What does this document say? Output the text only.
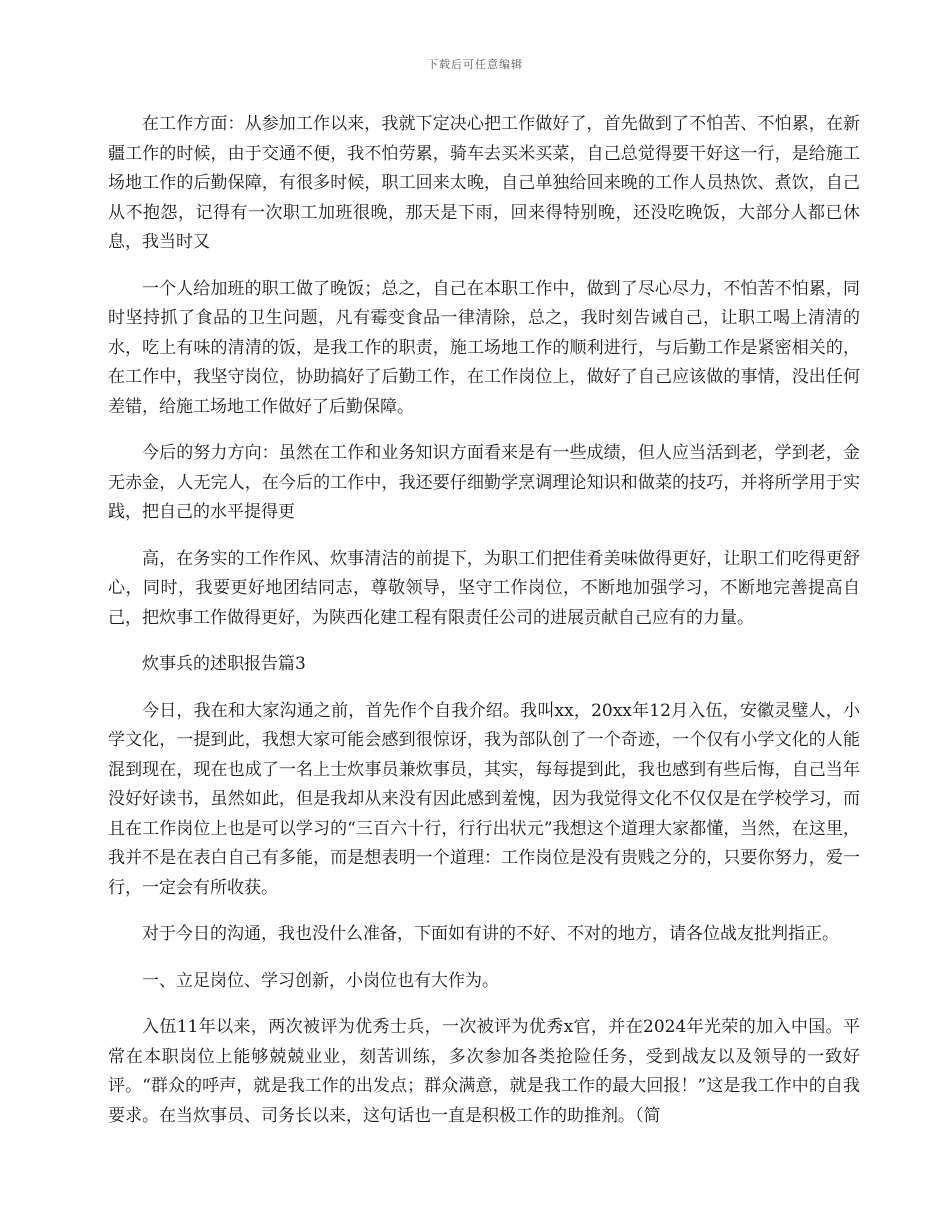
下载后可任意编辑

在工作方面：从参加工作以来，我就下定决心把工作做好了，首先做到了不怕苦、不怕累，在新疆工作的时候，由于交通不便，我不怕劳累，骑车去买米买菜，自己总觉得要干好这一行，是给施工场地工作的后勤保障，有很多时候，职工回来太晚，自己单独给回来晚的工作人员热饮、煮饮，自己从不抱怨，记得有一次职工加班很晚，那天是下雨，回来得特别晚，还没吃晚饭，大部分人都已休息，我当时又

一个人给加班的职工做了晚饭；总之，自己在本职工作中，做到了尽心尽力，不怕苦不怕累，同时坚持抓了食品的卫生问题，凡有霉变食品一律清除，总之，我时刻告诫自己，让职工喝上清清的水，吃上有味的清清的饭，是我工作的职责，施工场地工作的顺利进行，与后勤工作是紧密相关的，在工作中，我坚守岗位，协助搞好了后勤工作，在工作岗位上，做好了自己应该做的事情，没出任何差错，给施工场地工作做好了后勤保障。

今后的努力方向：虽然在工作和业务知识方面看来是有一些成绩，但人应当活到老，学到老，金无赤金，人无完人，在今后的工作中，我还要仔细勤学烹调理论知识和做菜的技巧，并将所学用于实践，把自己的水平提得更

高，在务实的工作作风、炊事清洁的前提下，为职工们把佳肴美味做得更好，让职工们吃得更舒心，同时，我要更好地团结同志，尊敬领导，坚守工作岗位，不断地加强学习，不断地完善提高自己，把炊事工作做得更好，为陕西化建工程有限责任公司的进展贡献自己应有的力量。

炊事兵的述职报告篇3

今日，我在和大家沟通之前，首先作个自我介绍。我叫xx，20xx年12月入伍，安徽灵璧人，小学文化，一提到此，我想大家可能会感到很惊讶，我为部队创了一个奇迹，一个仅有小学文化的人能混到现在，现在也成了一名上士炊事员兼炊事员，其实，每每提到此，我也感到有些后悔，自己当年没好好读书，虽然如此，但是我却从来没有因此感到羞愧，因为我觉得文化不仅仅是在学校学习，而且在工作岗位上也是可以学习的“三百六十行，行行出状元”我想这个道理大家都懂，当然，在这里，我并不是在表白自己有多能，而是想表明一个道理：工作岗位是没有贵贱之分的，只要你努力，爱一行，一定会有所收获。

对于今日的沟通，我也没什么准备，下面如有讲的不好、不对的地方，请各位战友批判指正。

一、立足岗位、学习创新，小岗位也有大作为。

入伍11年以来，两次被评为优秀士兵，一次被评为优秀x官，并在2024年光荣的加入中国。平常在本职岗位上能够兢兢业业，刻苦训练，多次参加各类抢险任务，受到战友以及领导的一致好评。“群众的呼声，就是我工作的出发点；群众满意，就是我工作的最大回报！”这是我工作中的自我要求。在当炊事员、司务长以来，这句话也一直是积极工作的助推剂。（简
